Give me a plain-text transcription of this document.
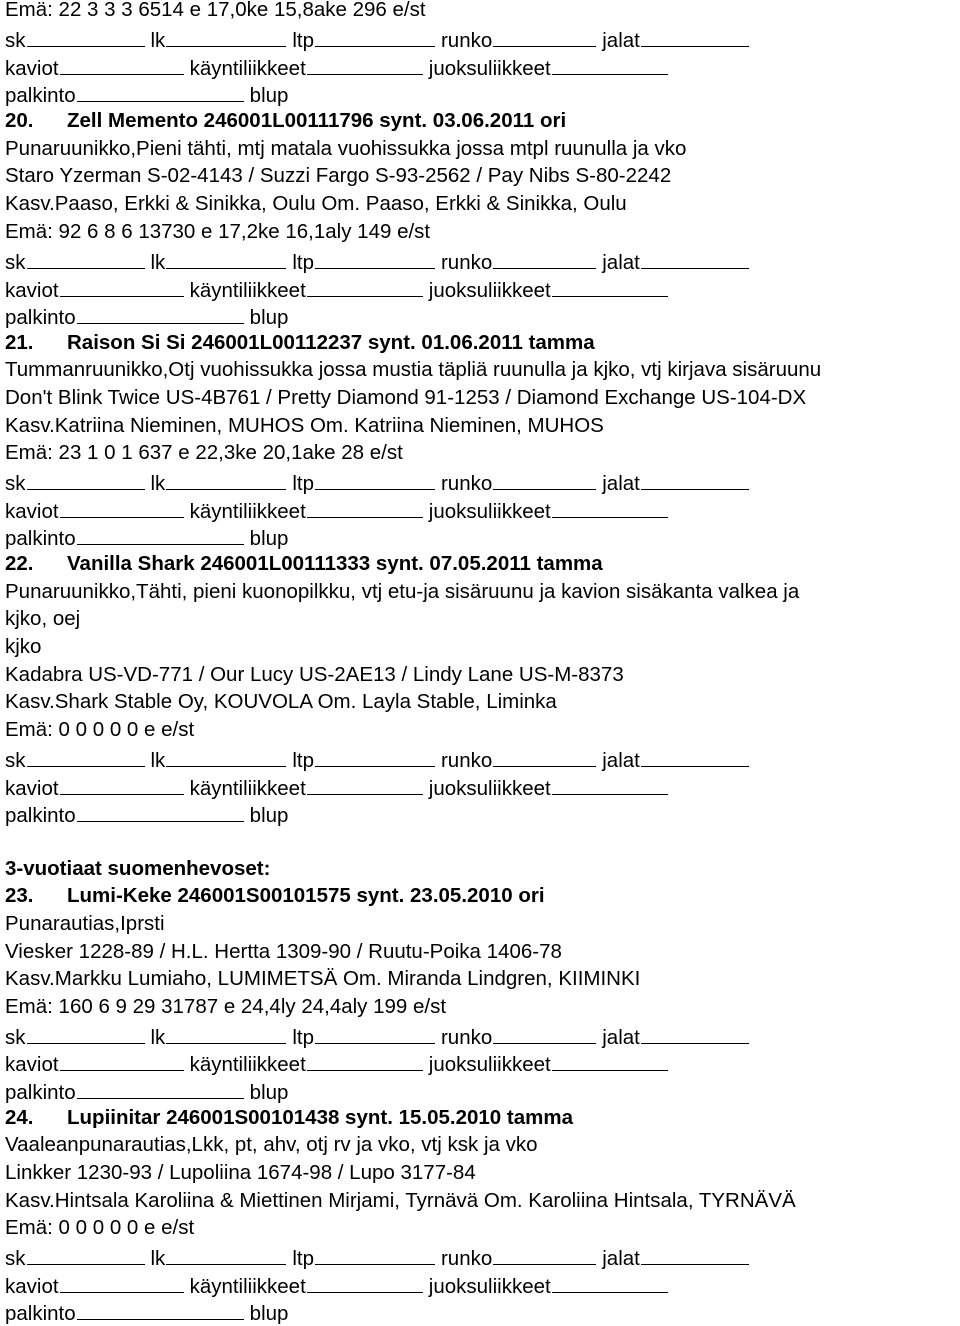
Emä: 22 3 3 3 6514 e 17,0ke 15,8ake 296 e/st
sk	lk	ltp	runko	jalat
kaviot	käyntiliikkeet	juoksuliikkeet
palkinto	blup
20. Zell Memento 246001L00111796 synt. 03.06.2011 ori
Punaruunikko,Pieni tähti, mtj matala vuohissukka jossa mtpl ruunulla ja vko
Staro Yzerman S-02-4143 / Suzzi Fargo S-93-2562 / Pay Nibs S-80-2242
Kasv.Paaso, Erkki & Sinikka, Oulu Om. Paaso, Erkki & Sinikka, Oulu
Emä: 92 6 8 6 13730 e 17,2ke 16,1aly 149 e/st
sk	lk	ltp	runko	jalat
kaviot	käyntiliikkeet	juoksuliikkeet
palkinto	blup
21. Raison Si Si 246001L00112237 synt. 01.06.2011 tamma
Tummanruunikko,Otj vuohissukka jossa mustia täpliä ruunulla ja kjko, vtj kirjava sisäruunu
Don't Blink Twice US-4B761 / Pretty Diamond 91-1253 / Diamond Exchange US-104-DX
Kasv.Katriina Nieminen, MUHOS Om. Katriina Nieminen, MUHOS
Emä: 23 1 0 1 637 e 22,3ke 20,1ake 28 e/st
sk	lk	ltp	runko	jalat
kaviot	käyntiliikkeet	juoksuliikkeet
palkinto	blup
22. Vanilla Shark 246001L00111333 synt. 07.05.2011 tamma
Punaruunikko,Tähti, pieni kuonopilkku, vtj etu-ja sisäruunu ja kavion sisäkanta valkea ja
kjko, oej
kjko
Kadabra US-VD-771 / Our Lucy US-2AE13 / Lindy Lane US-M-8373
Kasv.Shark Stable Oy, KOUVOLA Om. Layla Stable, Liminka
Emä: 0 0 0 0 0 e e/st
sk	lk	ltp	runko	jalat
kaviot	käyntiliikkeet	juoksuliikkeet
palkinto	blup
3-vuotiaat suomenhevoset:
23. Lumi-Keke 246001S00101575 synt. 23.05.2010 ori
Punarautias,Iprsti
Viesker 1228-89 / H.L. Hertta 1309-90 / Ruutu-Poika 1406-78
Kasv.Markku Lumiaho, LUMIMETSÄ Om. Miranda Lindgren, KIIMINKI
Emä: 160 6 9 29 31787 e 24,4ly 24,4aly 199 e/st
sk	lk	ltp	runko	jalat
kaviot	käyntiliikkeet	juoksuliikkeet
palkinto	blup
24. Lupiinitar 246001S00101438 synt. 15.05.2010 tamma
Vaaleanpunarautias,Lkk, pt, ahv, otj rv ja vko, vtj ksk ja vko
Linkker 1230-93 / Lupoliina 1674-98 / Lupo 3177-84
Kasv.Hintsala Karoliina & Miettinen Mirjami, Tyrnävä Om. Karoliina Hintsala, TYRNÄVÄ
Emä: 0 0 0 0 0 e e/st
sk	lk	ltp	runko	jalat
kaviot	käyntiliikkeet	juoksuliikkeet
palkinto	blup
